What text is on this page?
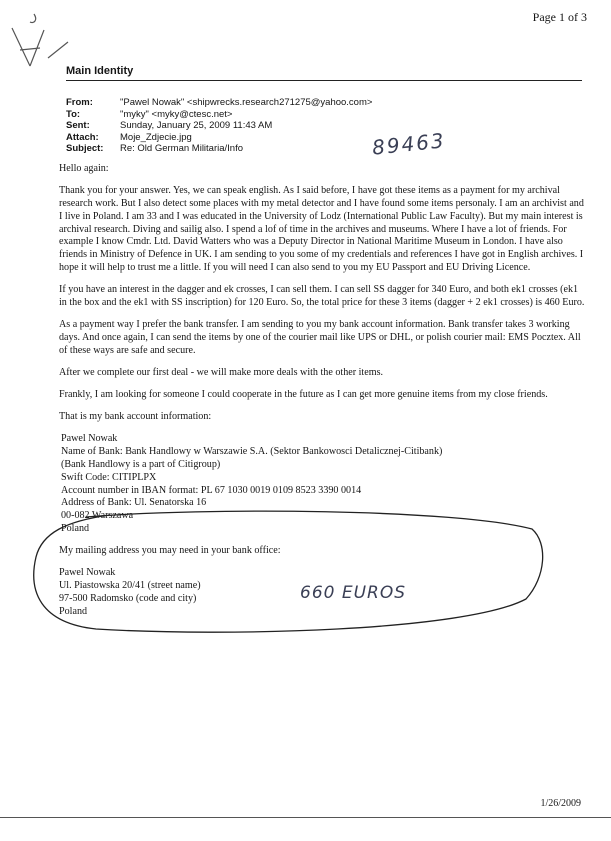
Page 1 of 3
Main Identity
From:	"Pawel Nowak" <shipwrecks.research271275@yahoo.com>
To:	"myky" <myky@ctesc.net>
Sent:	Sunday, January 25, 2009 11:43 AM
Attach:	Moje_Zdjecie.jpg
Subject:	Re: Old German Militaria/Info	89463

Hello again:

Thank you for your answer. Yes, we can speak english. As I said before, I have got these items as a payment for my archival research work. But I also detect some places with my metal detector and I have found some items personaly. I am an archivist and I live in Poland. I am 33 and I was educated in the University of Lodz (International Public Law Faculty). But my main interest is archival research. Diving and sailig also. I spend a lof of time in the archives and museums. Where I have a lot of friends. For example I know Cmdr. Ltd. David Watters who was a Deputy Director in National Maritime Museum in London. I have also friends in Ministry of Defence in UK. I am sending to you some of my credentials and references I have got in English archives. I hope it will help to trust me a little. If you will need I can also send to you my EU Passport and EU Driving Licence.

If you have an interest in the dagger and ek crosses, I can sell them. I can sell SS dagger for 340 Euro, and both ek1 crosses (ek1 in the box and the ek1 with SS inscription) for 120 Euro. So, the total price for these 3 items (dagger + 2 ek1 crosses) is 460 Euro.

As a payment way I prefer the bank transfer. I am sending to you my bank account information. Bank transfer takes 3 working days. And once again, I can send the items by one of the courier mail like UPS or DHL, or polish courier mail: EMS Pocztex. All of these ways are safe and secure.

After we complete our first deal - we will make more deals with the other items.

Frankly, I am looking for someone I could cooperate in the future as I can get more genuine items from my close friends.

That is my bank account information:

Pawel Nowak
Name of Bank: Bank Handlowy w Warszawie S.A. (Sektor Bankowosci Detalicznej-Citibank)
(Bank Handlowy is a part of Citigroup)
Swift Code: CITIPLPX
Account number in IBAN format: PL 67 1030 0019 0109 8523 3390 0014
Address of Bank: Ul. Senatorska 16
00-082 Warszawa
Poland

My mailing address you may need in your bank office:

Pawel Nowak
Ul. Piastowska 20/41 (street name)
97-500 Radomsko (code and city)
Poland
660 EUROS
1/26/2009
